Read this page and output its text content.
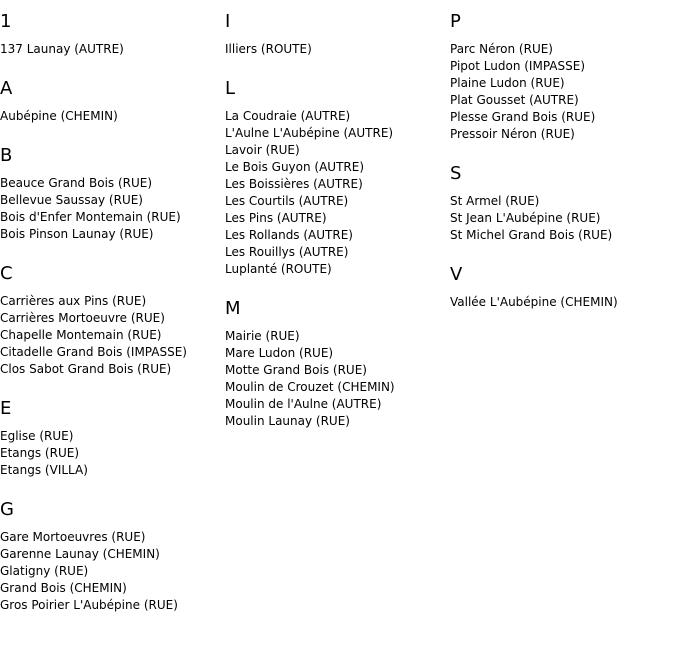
1
137 Launay (AUTRE)
A
Aubépine (CHEMIN)
B
Beauce Grand Bois (RUE)
Bellevue Saussay (RUE)
Bois d'Enfer Montemain (RUE)
Bois Pinson Launay (RUE)
C
Carrières aux Pins (RUE)
Carrières Mortoeuvre (RUE)
Chapelle Montemain (RUE)
Citadelle Grand Bois (IMPASSE)
Clos Sabot Grand Bois (RUE)
E
Eglise (RUE)
Etangs (RUE)
Etangs (VILLA)
G
Gare Mortoeuvres (RUE)
Garenne Launay (CHEMIN)
Glatigny (RUE)
Grand Bois (CHEMIN)
Gros Poirier L'Aubépine (RUE)
I
Illiers (ROUTE)
L
La Coudraie (AUTRE)
L'Aulne L'Aubépine (AUTRE)
Lavoir (RUE)
Le Bois Guyon (AUTRE)
Les Boissières (AUTRE)
Les Courtils (AUTRE)
Les Pins (AUTRE)
Les Rollands (AUTRE)
Les Rouillys (AUTRE)
Luplanté (ROUTE)
M
Mairie (RUE)
Mare Ludon (RUE)
Motte Grand Bois (RUE)
Moulin de Crouzet (CHEMIN)
Moulin de l'Aulne (AUTRE)
Moulin Launay (RUE)
P
Parc Néron (RUE)
Pipot Ludon (IMPASSE)
Plaine Ludon (RUE)
Plat Gousset (AUTRE)
Plesse Grand Bois (RUE)
Pressoir Néron (RUE)
S
St Armel (RUE)
St Jean L'Aubépine (RUE)
St Michel Grand Bois (RUE)
V
Vallée L'Aubépine (CHEMIN)
